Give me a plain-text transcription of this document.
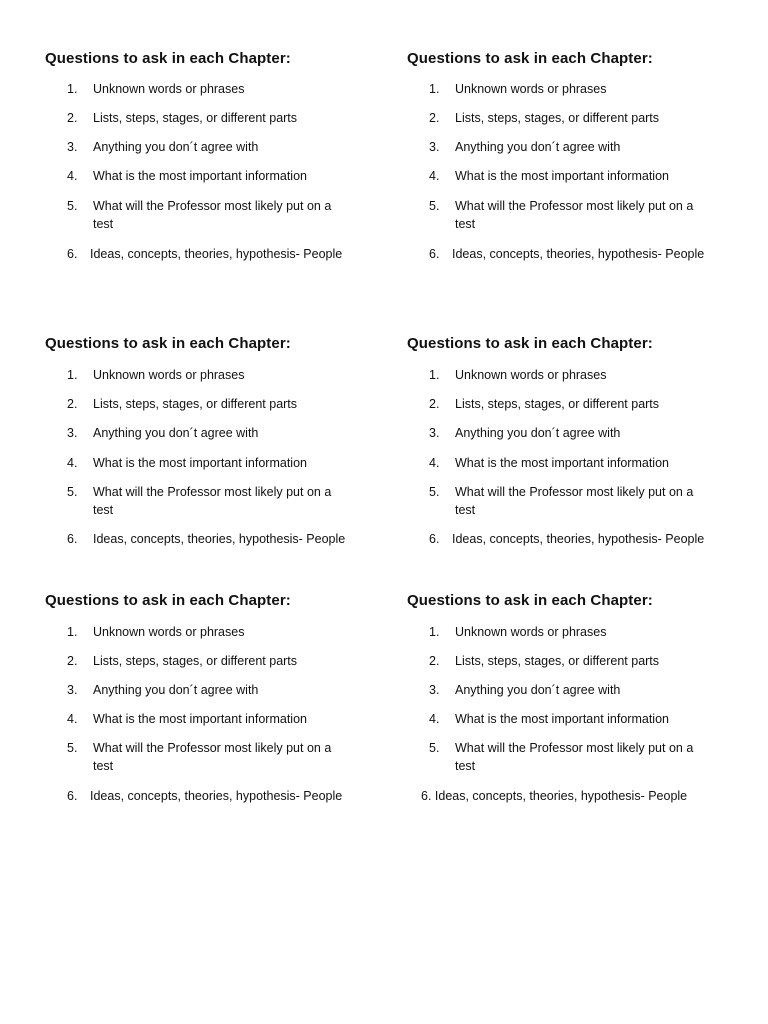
Questions to ask in each Chapter:
1. Unknown words or phrases
2. Lists, steps, stages, or different parts
3. Anything you don´t agree with
4. What is the most important information
5. What will the Professor most likely put on a test
6. Ideas, concepts, theories, hypothesis- People
Questions to ask in each Chapter:
1. Unknown words or phrases
2. Lists, steps, stages, or different parts
3. Anything you don´t agree with
4. What is the most important information
5. What will the Professor most likely put on a test
6. Ideas, concepts, theories, hypothesis- People
Questions to ask in each Chapter:
1. Unknown words or phrases
2. Lists, steps, stages, or different parts
3. Anything you don´t agree with
4. What is the most important information
5. What will the Professor most likely put on a test
6. Ideas, concepts, theories, hypothesis- People
Questions to ask in each Chapter:
1. Unknown words or phrases
2. Lists, steps, stages, or different parts
3. Anything you don´t agree with
4. What is the most important information
5. What will the Professor most likely put on a test
6. Ideas, concepts, theories, hypothesis- People
Questions to ask in each Chapter:
1. Unknown words or phrases
2. Lists, steps, stages, or different parts
3. Anything you don´t agree with
4. What is the most important information
5. What will the Professor most likely put on a test
6. Ideas, concepts, theories, hypothesis- People
Questions to ask in each Chapter:
1. Unknown words or phrases
2. Lists, steps, stages, or different parts
3. Anything you don´t agree with
4. What is the most important information
5. What will the Professor most likely put on a test
6. Ideas, concepts, theories, hypothesis- People
